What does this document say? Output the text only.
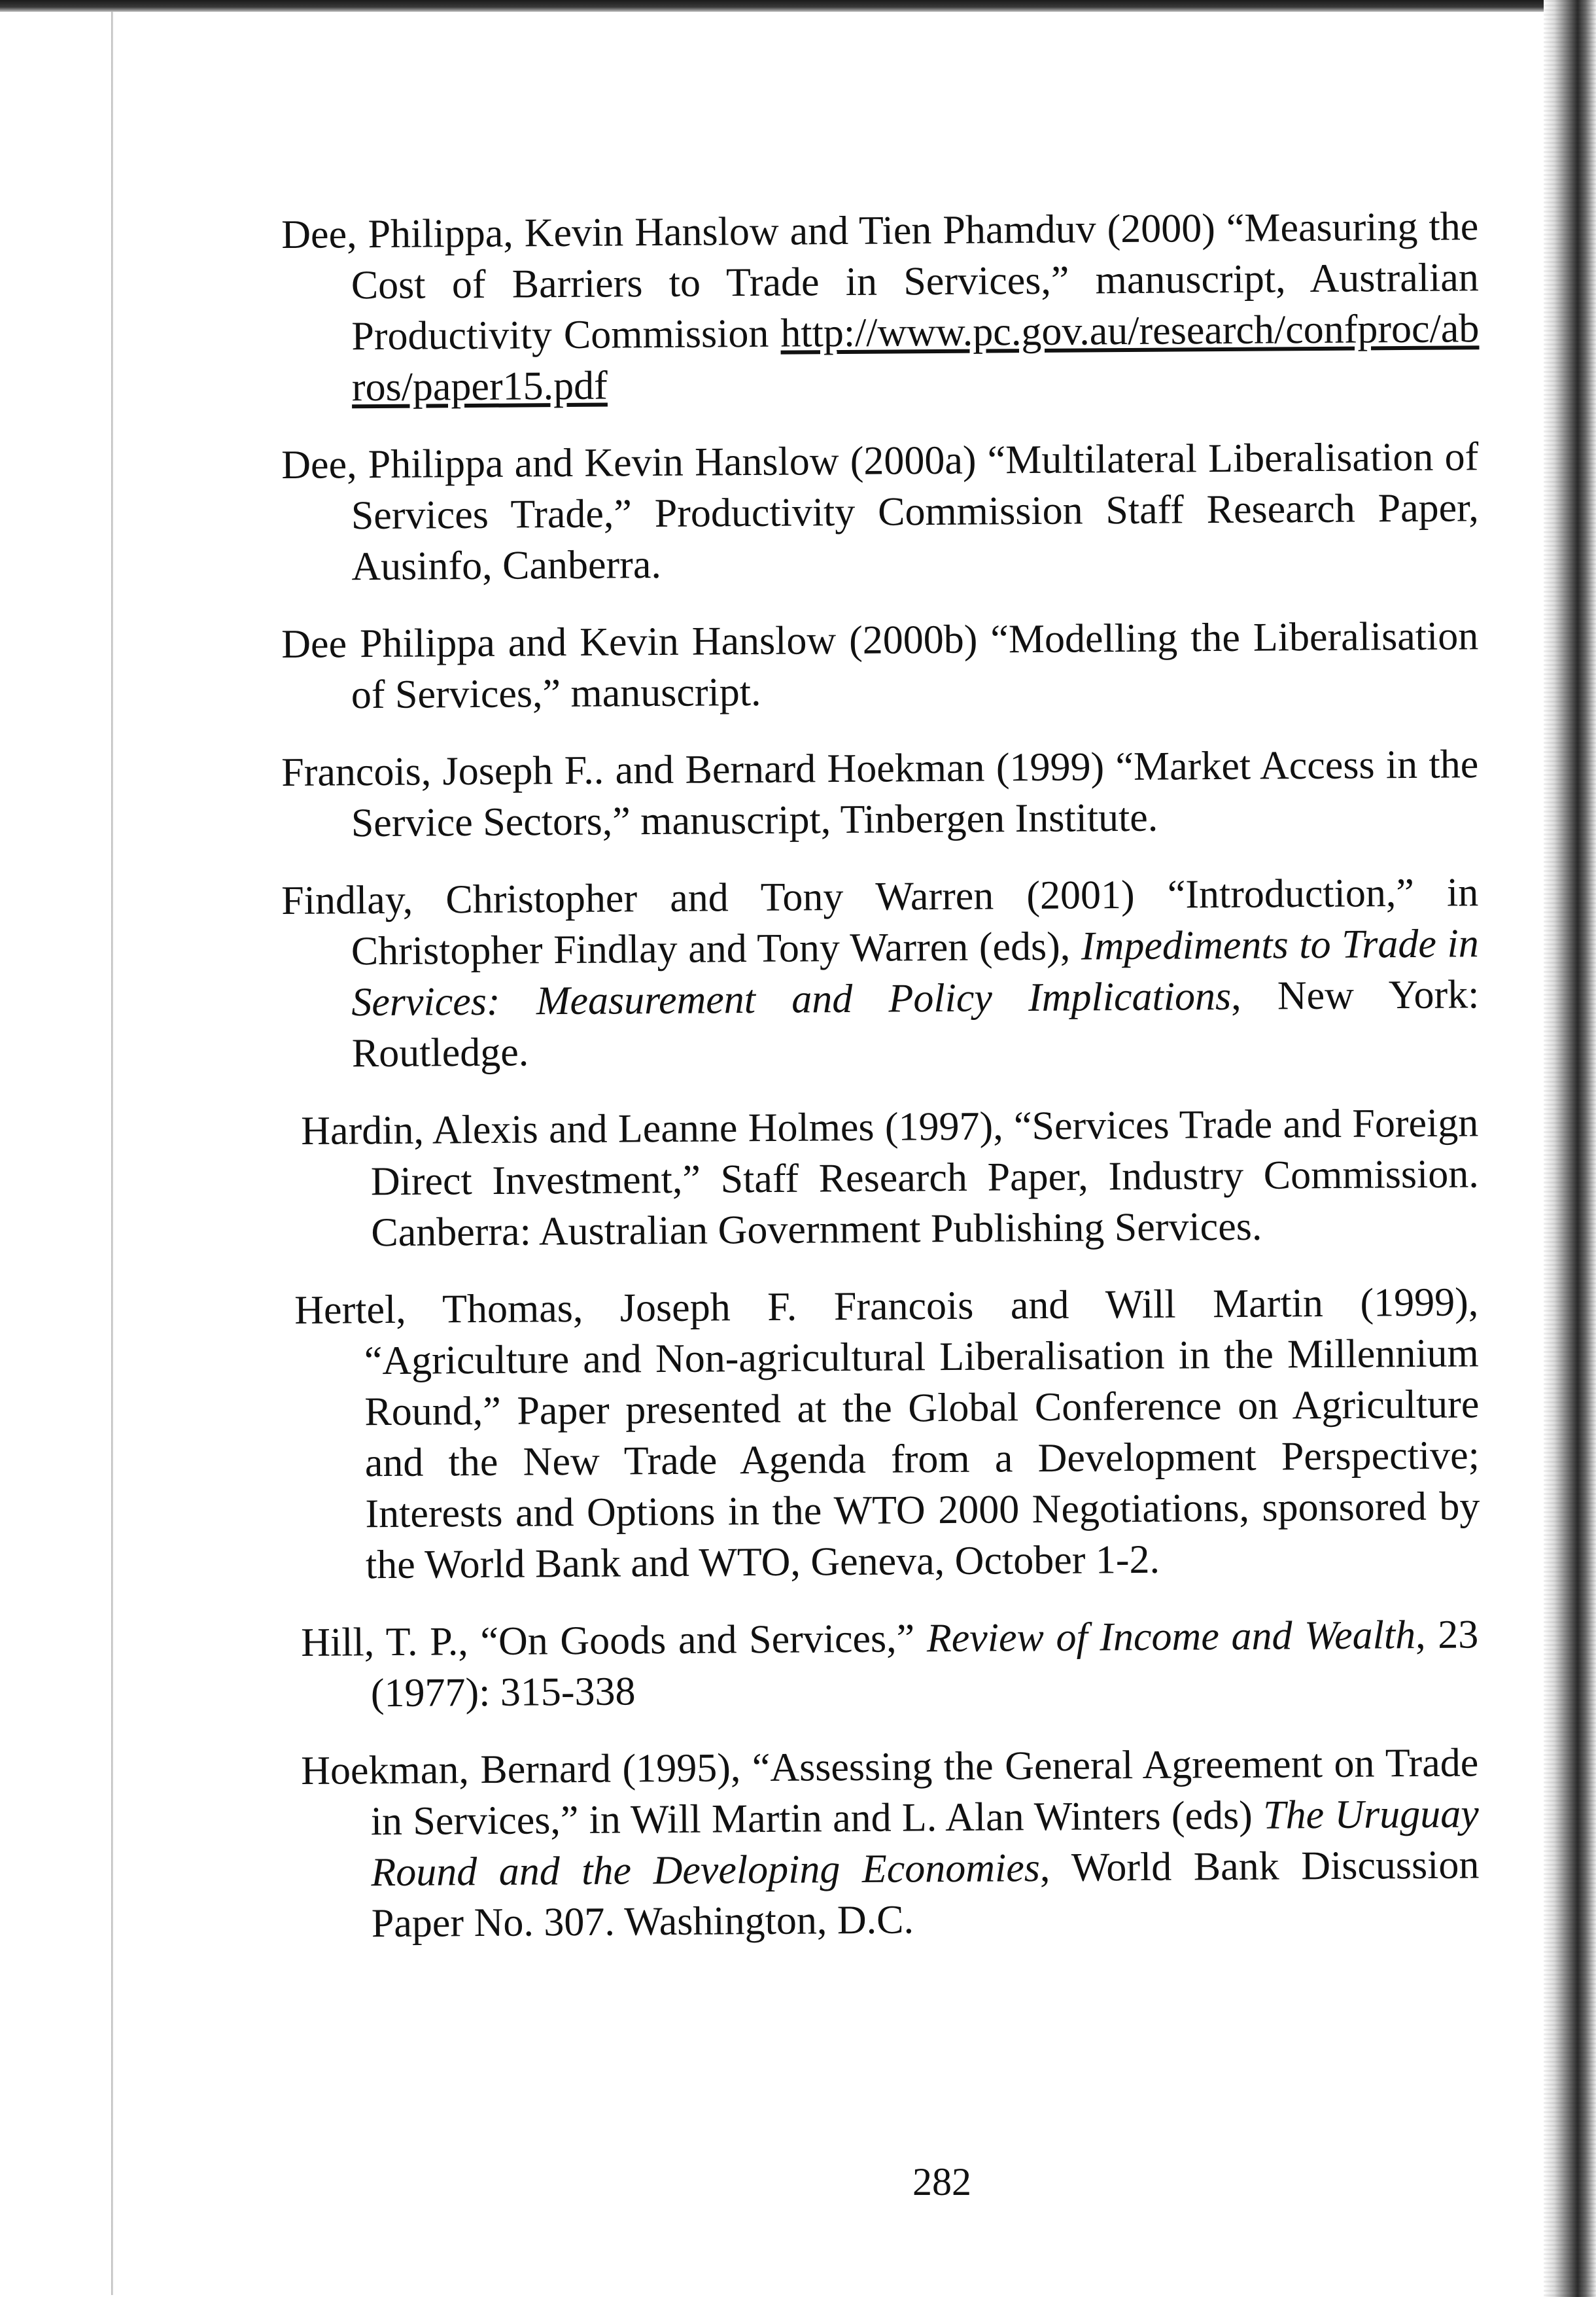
Dee, Philippa, Kevin Hanslow and Tien Phamduv (2000) “Measuring the Cost of Barriers to Trade in Services,” manuscript, Australian Productivity Commission http://www.pc.gov.au/research/confproc/abros/paper15.pdf
Dee, Philippa and Kevin Hanslow (2000a) “Multilateral Liberalisation of Services Trade,” Productivity Commission Staff Research Paper, Ausinfo, Canberra.
Dee Philippa and Kevin Hanslow (2000b) “Modelling the Liberalisation of Services,” manuscript.
Francois, Joseph F.. and Bernard Hoekman (1999) “Market Access in the Service Sectors,” manuscript, Tinbergen Institute.
Findlay, Christopher and Tony Warren (2001) “Introduction,” in Christopher Findlay and Tony Warren (eds), Impediments to Trade in Services: Measurement and Policy Implications, New York: Routledge.
Hardin, Alexis and Leanne Holmes (1997), “Services Trade and Foreign Direct Investment,” Staff Research Paper, Industry Commission. Canberra: Australian Government Publishing Services.
Hertel, Thomas, Joseph F. Francois and Will Martin (1999), “Agriculture and Non-agricultural Liberalisation in the Millennium Round,” Paper presented at the Global Conference on Agriculture and the New Trade Agenda from a Development Perspective; Interests and Options in the WTO 2000 Negotiations, sponsored by the World Bank and WTO, Geneva, October 1-2.
Hill, T. P., “On Goods and Services,” Review of Income and Wealth, 23 (1977): 315-338
Hoekman, Bernard (1995), “Assessing the General Agreement on Trade in Services,” in Will Martin and L. Alan Winters (eds) The Uruguay Round and the Developing Economies, World Bank Discussion Paper No. 307. Washington, D.C.
282
